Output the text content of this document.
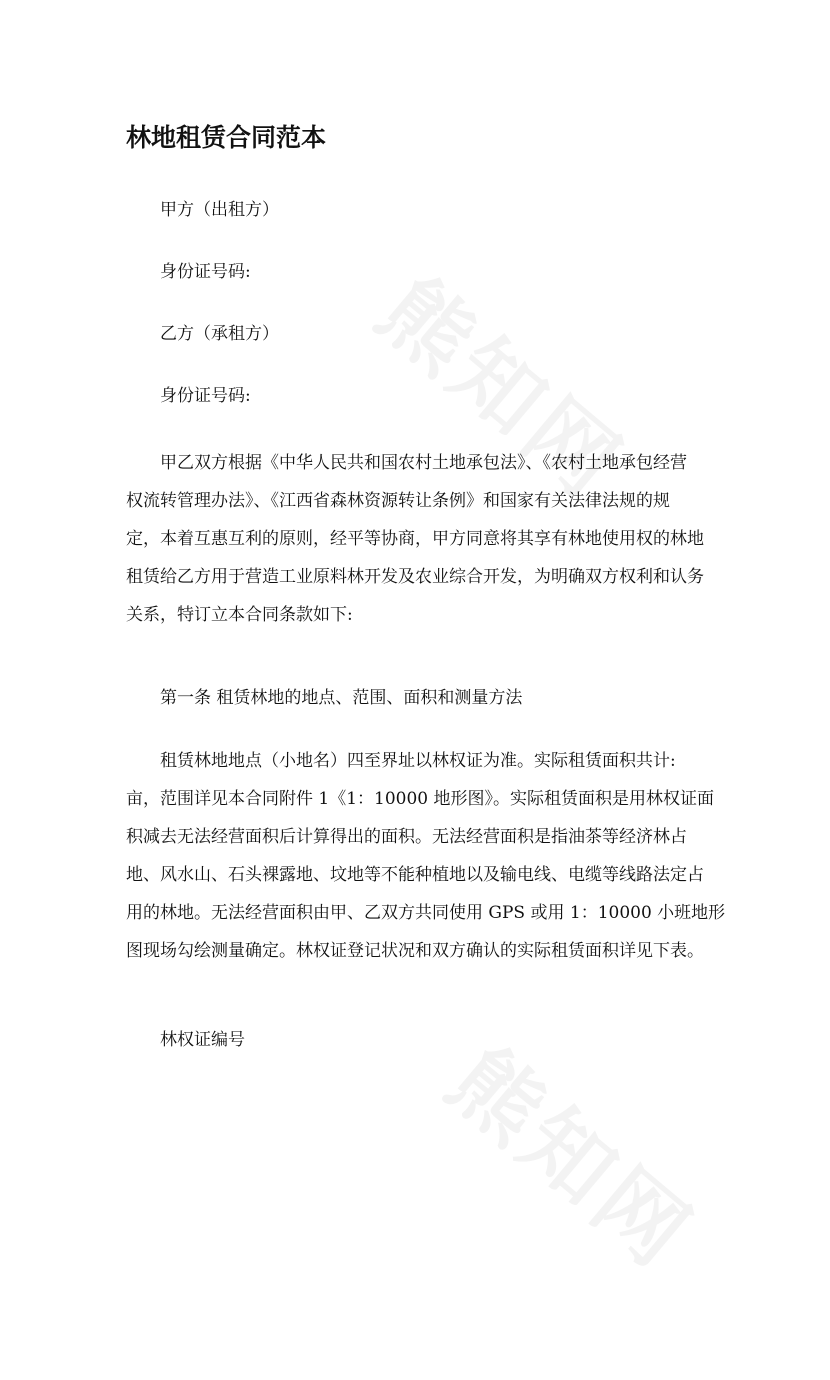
林地租赁合同范本
甲方（出租方）
身份证号码:
乙方（承租方）
身份证号码:

　　甲乙双方根据《中华人民共和国农村土地承包法》、《农村土地承包经营

权流转管理办法》、《江西省森林资源转让条例》和国家有关法律法规的规

定，本着互惠互利的原则，经平等协商，甲方同意将其享有林地使用权的林地

租赁给乙方用于营造工业原料林开发及农业综合开发，为明确双方权利和认务

关系，特订立本合同条款如下:

第一条 租赁林地的地点、范围、面积和测量方法

　　租赁林地地点（小地名）四至界址以林权证为准。实际租赁面积共计:

亩，范围详见本合同附件 1《1：10000 地形图》。实际租赁面积是用林权证面

积减去无法经营面积后计算得出的面积。无法经营面积是指油茶等经济林占

地、风水山、石头裸露地、坟地等不能种植地以及输电线、电缆等线路法定占

用的林地。无法经营面积由甲、乙双方共同使用 GPS 或用 1：10000 小班地形

图现场勾绘测量确定。林权证登记状况和双方确认的实际租赁面积详见下表。

林权证编号
